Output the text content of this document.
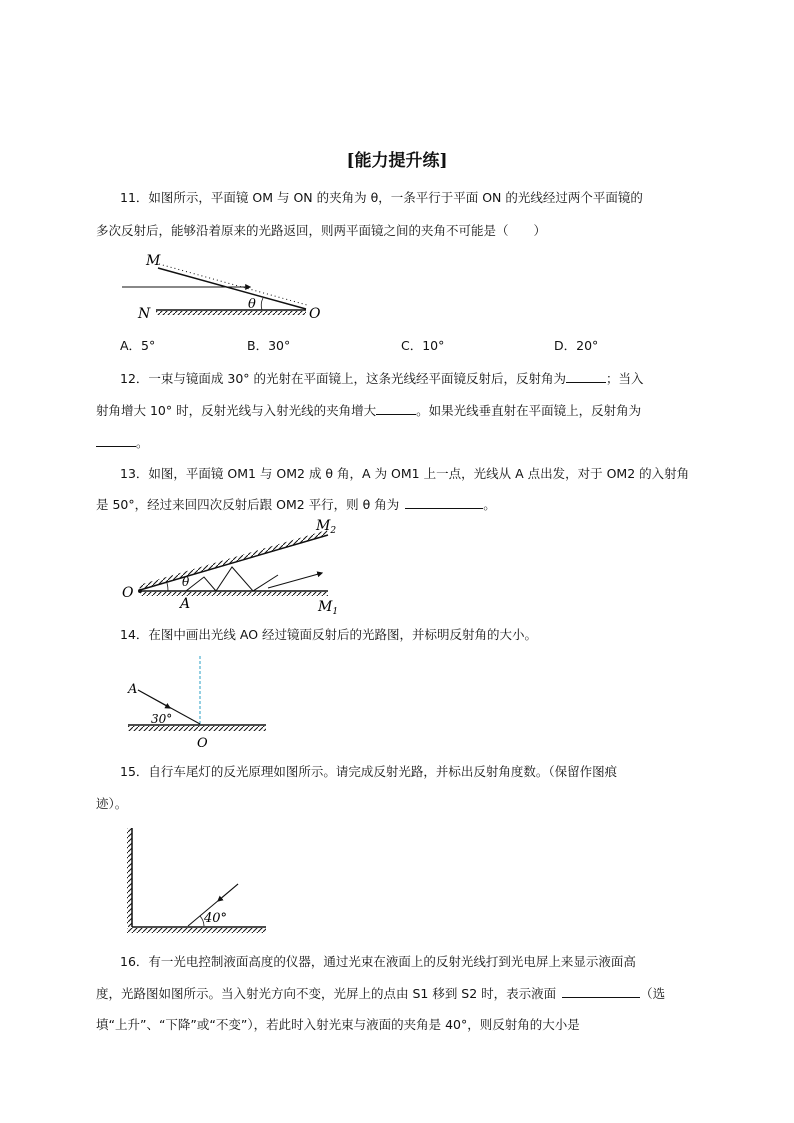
[能力提升练]
11．如图所示，平面镜 OM 与 ON 的夹角为 θ，一条平行于平面 ON 的光线经过两个平面镜的
多次反射后，能够沿着原来的光路返回，则两平面镜之间的夹角不可能是（　　）
M
N	O
θ
A．5°	B．30°	C．10°	D．20°
12．一束与镜面成 30° 的光射在平面镜上，这条光线经平面镜反射后，反射角为	；当入
射角增大 10° 时，反射光线与入射光线的夹角增大	。如果光线垂直射在平面镜上，反射角为
。
13．如图，平面镜 OM1 与 OM2 成 θ 角，A 为 OM1 上一点，光线从 A 点出发，对于 OM2 的入射角
是 50°，经过来回四次反射后跟 OM2 平行，则 θ 角为	。
O
A
θ
$M_2$
$M_1$
14．在图中画出光线 AO 经过镜面反射后的光路图，并标明反射角的大小。
A
30°
O
15．自行车尾灯的反光原理如图所示。请完成反射光路，并标出反射角度数。（保留作图痕
迹）。
40°
16．有一光电控制液面高度的仪器，通过光束在液面上的反射光线打到光电屏上来显示液面高
度，光路图如图所示。当入射光方向不变，光屏上的点由 S1 移到 S2 时，表示液面	（选
填“上升”、“下降”或“不变”），若此时入射光束与液面的夹角是 40°，则反射角的大小是
